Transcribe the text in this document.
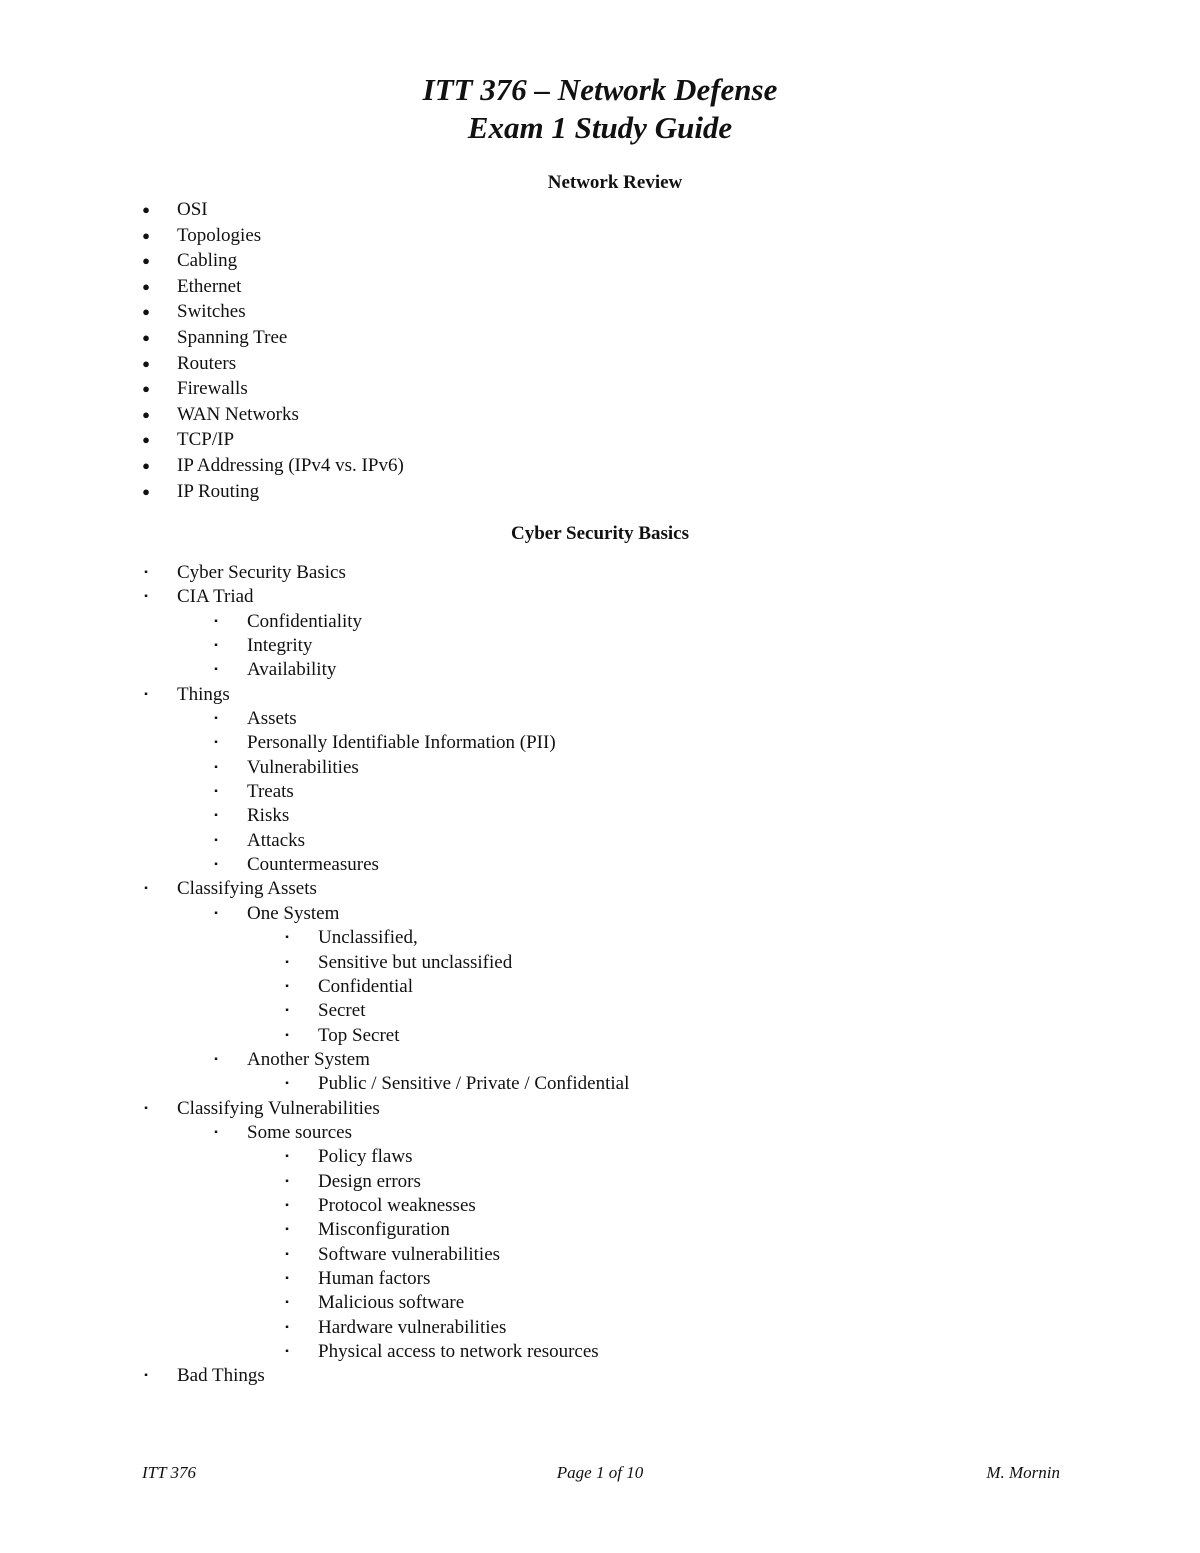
ITT 376 – Network Defense
Exam 1 Study Guide
Network Review
● OSI
● Topologies
● Cabling
● Ethernet
● Switches
● Spanning Tree
● Routers
● Firewalls
● WAN Networks
● TCP/IP
● IP Addressing (IPv4 vs. IPv6)
● IP Routing
Cyber Security Basics
▪ Cyber Security Basics
▪ CIA Triad
▪ Confidentiality
▪ Integrity
▪ Availability
▪ Things
▪ Assets
▪ Personally Identifiable Information (PII)
▪ Vulnerabilities
▪ Treats
▪ Risks
▪ Attacks
▪ Countermeasures
▪ Classifying Assets
▪ One System
▪ Unclassified,
▪ Sensitive but unclassified
▪ Confidential
▪ Secret
▪ Top Secret
▪ Another System
▪ Public / Sensitive / Private / Confidential
▪ Classifying Vulnerabilities
▪ Some sources
▪ Policy flaws
▪ Design errors
▪ Protocol weaknesses
▪ Misconfiguration
▪ Software vulnerabilities
▪ Human factors
▪ Malicious software
▪ Hardware vulnerabilities
▪ Physical access to network resources
▪ Bad Things
ITT 376	Page 1 of 10	M. Mornin
